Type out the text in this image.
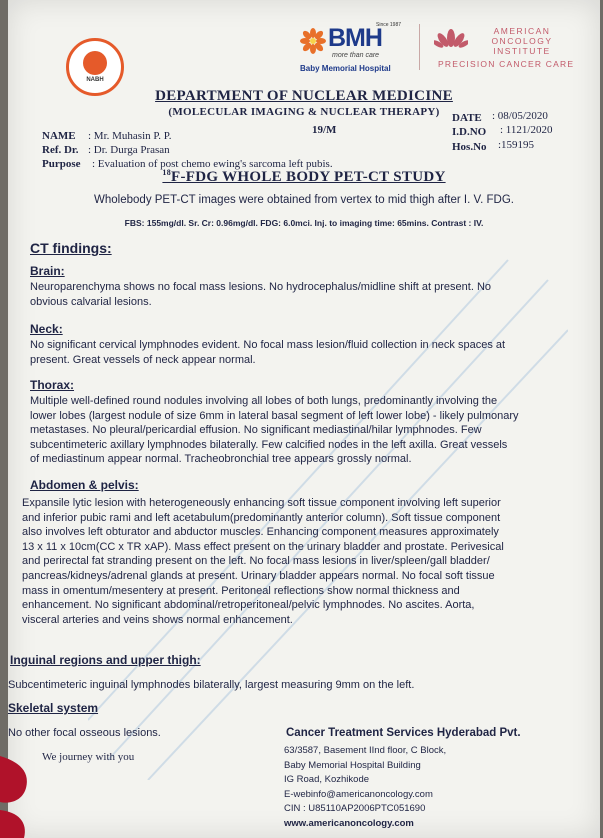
NABH
Since 1987
BMH
more than care
Baby Memorial Hospital
AMERICAN ONCOLOGY INSTITUTE
PRECISION CANCER CARE
DEPARTMENT OF NUCLEAR MEDICINE
(MOLECULAR IMAGING & NUCLEAR THERAPY)
NAME : Mr. Muhasin P. P.	19/M
Ref. Dr. : Dr. Durga Prasan
Purpose : Evaluation of post chemo ewing's sarcoma left pubis.
DATE : 08/05/2020
I.D.NO : 1121/2020
Hos.No :159195
$^{18}$F-FDG WHOLE BODY PET-CT STUDY
Wholebody PET-CT images were obtained from vertex to mid thigh after I. V. FDG.
FBS: 155mg/dl. Sr. Cr: 0.96mg/dl. FDG: 6.0mci. Inj. to imaging time: 65mins. Contrast : IV.
CT findings:
Brain:
Neuroparenchyma shows no focal mass lesions. No hydrocephalus/midline shift at present. No
obvious calvarial lesions.
Neck:
No significant cervical lymphnodes evident. No focal mass lesion/fluid collection in neck spaces at
present. Great vessels of neck appear normal.
Thorax:
Multiple well-defined round nodules involving all lobes of both lungs, predominantly involving the
lower lobes (largest nodule of size 6mm in lateral basal segment of left lower lobe) - likely pulmonary
metastases. No pleural/pericardial effusion. No significant mediastinal/hilar lymphnodes. Few
subcentimeteric axillary lymphnodes bilaterally. Few calcified nodes in the left axilla. Great vessels
of mediastinum appear normal. Tracheobronchial tree appears grossly normal.
Abdomen & pelvis:
Expansile lytic lesion with heterogeneously enhancing soft tissue component involving left superior
and inferior pubic rami and left acetabulum(predominantly anterior column). Soft tissue component
also involves left obturator and abductor muscles. Enhancing component measures approximately
13 x 11 x 10cm(CC x TR xAP). Mass effect present on the urinary bladder and prostate. Perivesical
and perirectal fat stranding present on the left. No focal mass lesions in liver/spleen/gall bladder/
pancreas/kidneys/adrenal glands at present. Urinary bladder appears normal. No focal soft tissue
mass in omentum/mesentery at present. Peritoneal reflections show normal thickness and
enhancement. No significant abdominal/retroperitoneal/pelvic lymphnodes. No ascites. Aorta,
visceral arteries and veins shows normal enhancement.
Inguinal regions and upper thigh:
Subcentimeteric inguinal lymphnodes bilaterally, largest measuring 9mm on the left.
Skeletal system
No other focal osseous lesions.
We journey with you
Cancer Treatment Services Hyderabad Pvt.
63/3587, Basement IInd floor, C Block,
Baby Memorial Hospital Building
IG Road, Kozhikode
E-webinfo@americanoncology.com
CIN : U85110AP2006PTC051690
www.americanoncology.com
